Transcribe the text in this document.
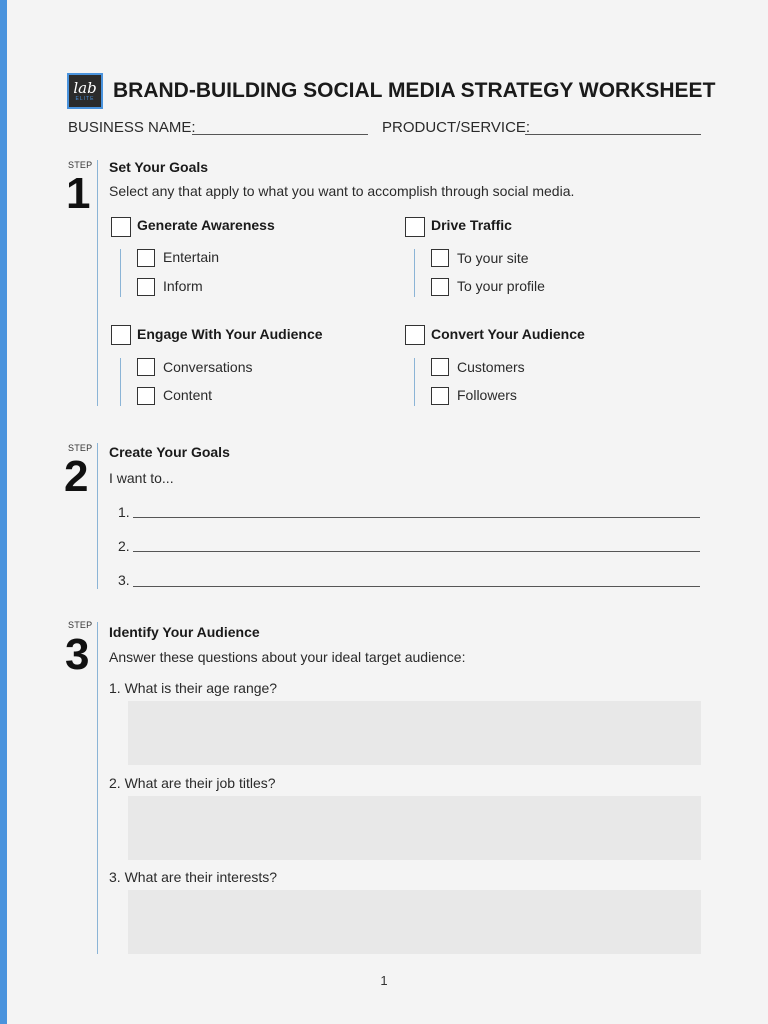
lab
ELITE BRAND-BUILDING SOCIAL MEDIA STRATEGY WORKSHEET
BUSINESS NAME:	PRODUCT/SERVICE:
STEP
1
Set Your Goals
Select any that apply to what you want to accomplish through social media.
Generate Awareness
Entertain
Inform
Drive Traffic
To your site
To your profile
Engage With Your Audience
Conversations
Content
Convert Your Audience
Customers
Followers
STEP
2 Create Your Goals
I want to...
1.
2.
3.
STEP
3 Identify Your Audience
Answer these questions about your ideal target audience:
1. What is their age range?
2. What are their job titles?
3. What are their interests?
1
